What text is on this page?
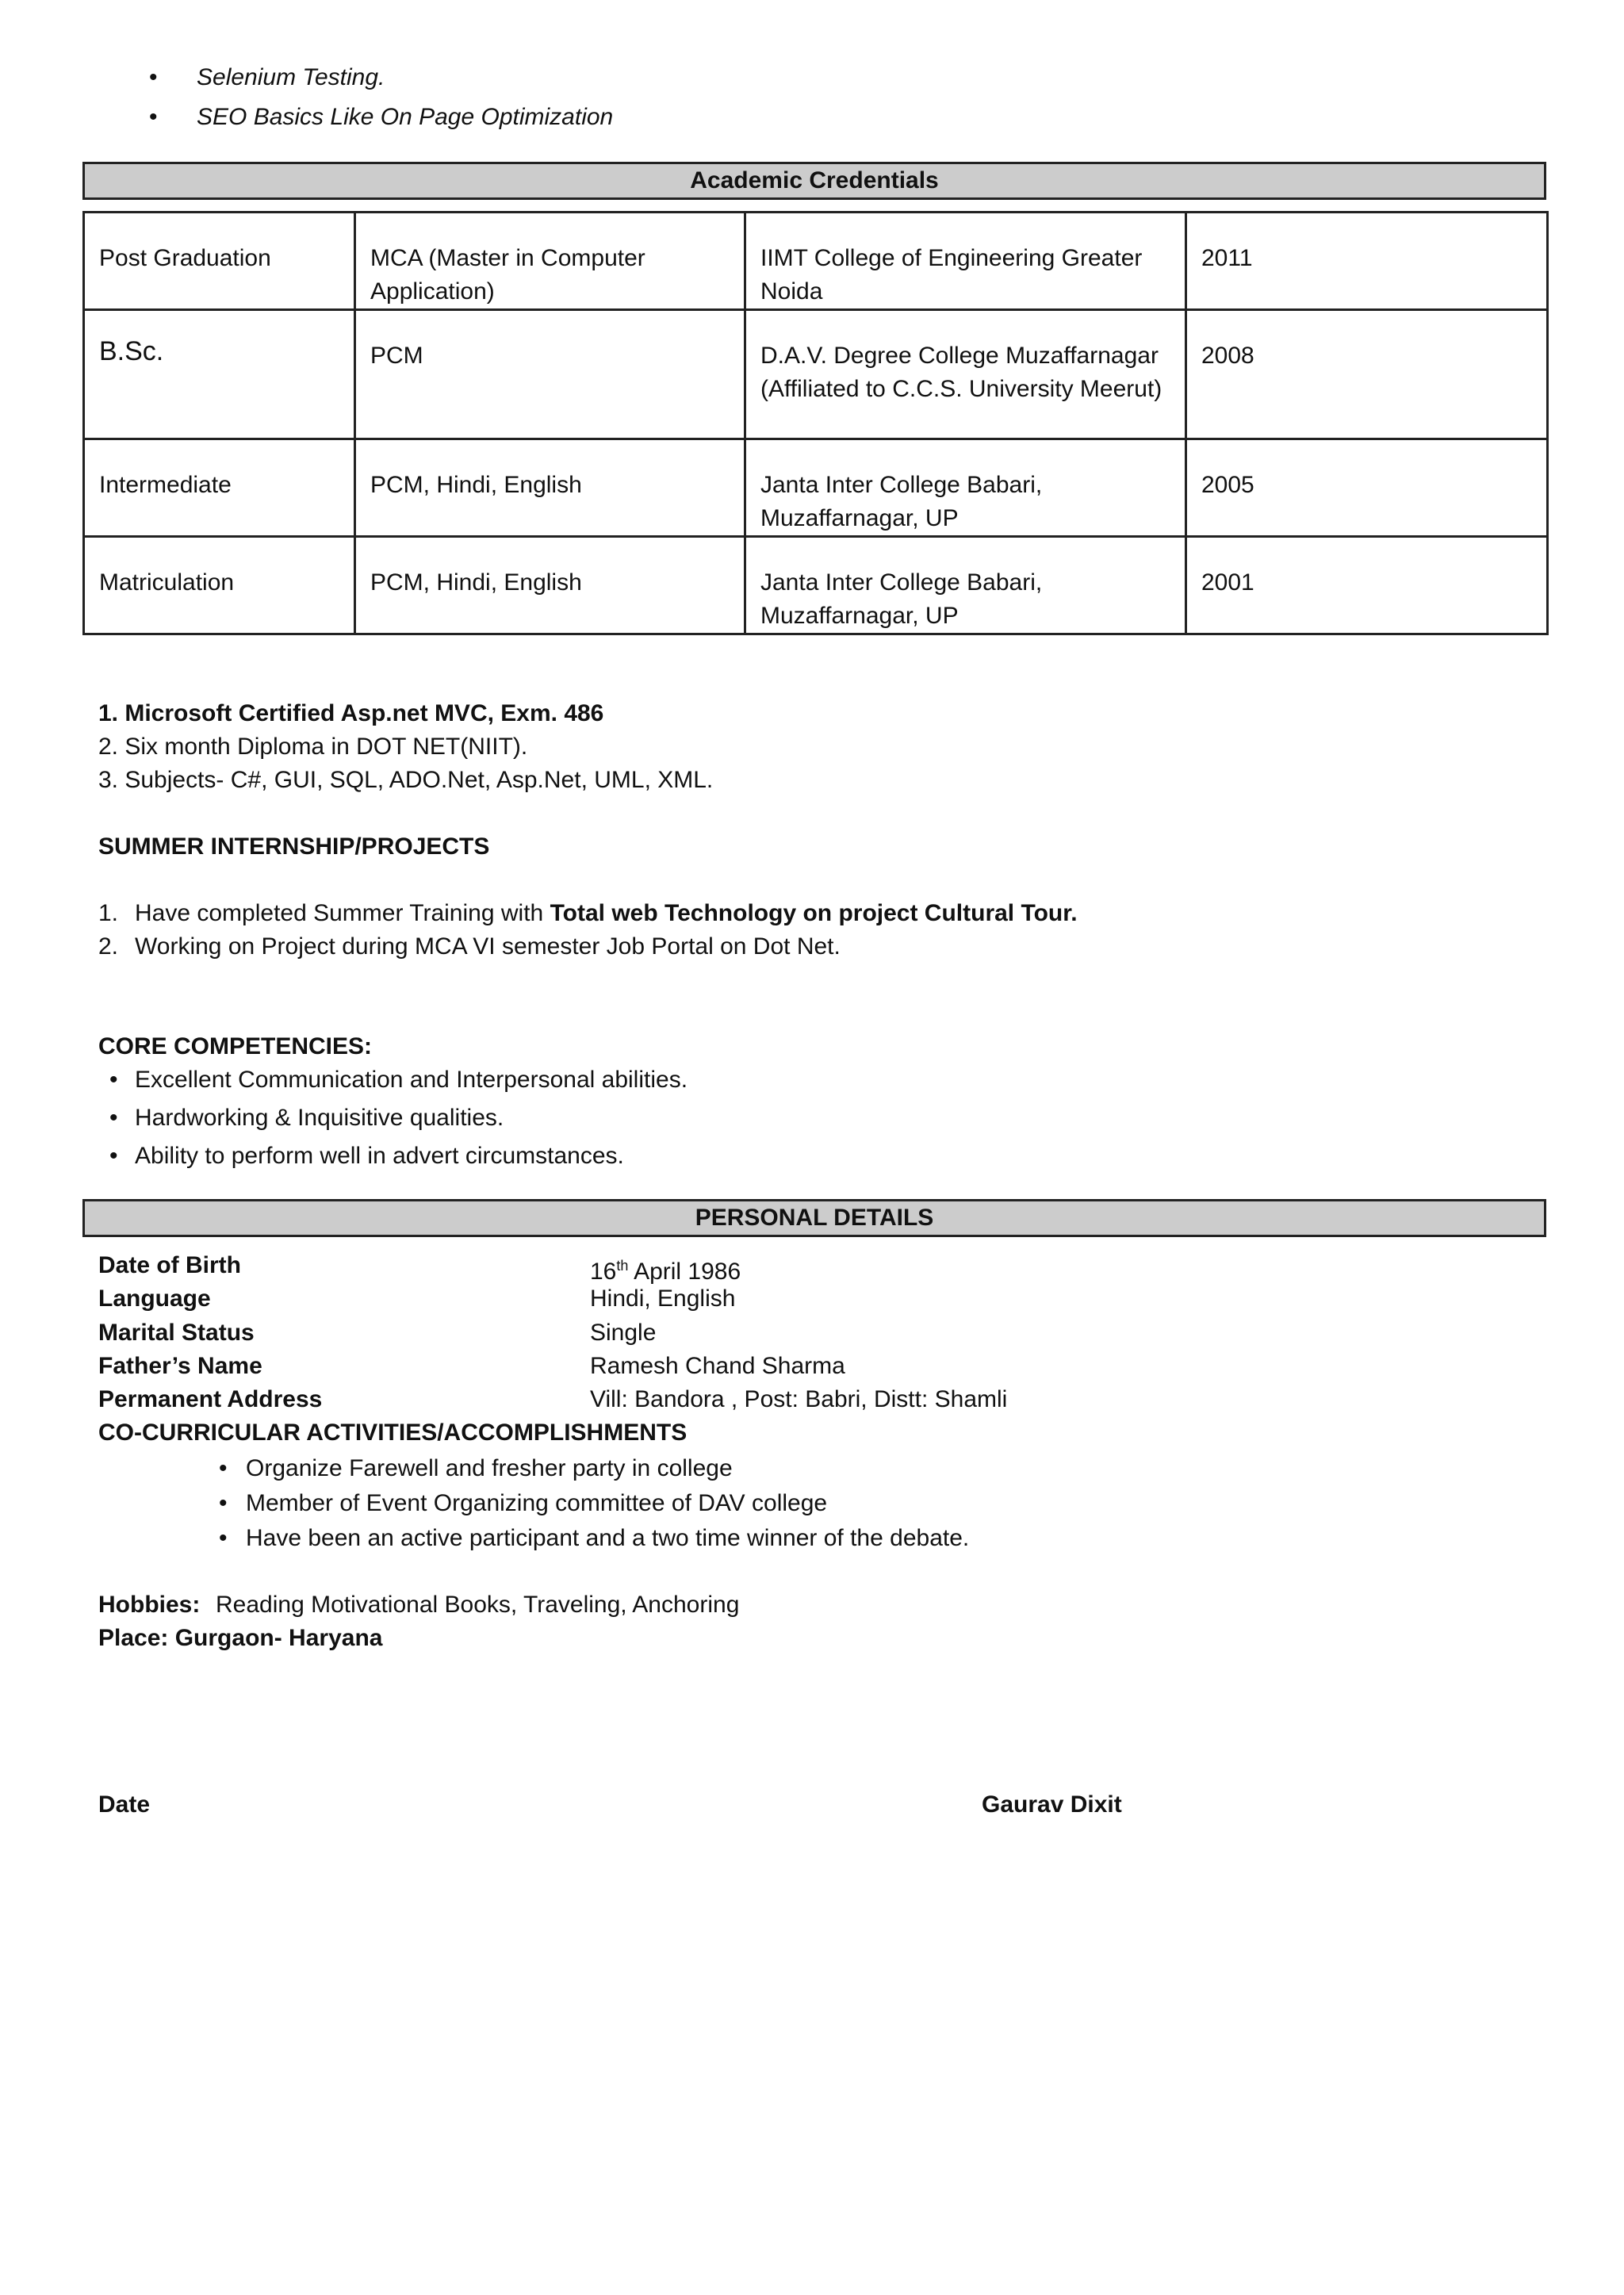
• Selenium Testing.
• SEO Basics Like On Page Optimization
Academic Credentials
Post Graduation	MCA (Master in Computer Application)	IIMT College of Engineering Greater Noida	2011

B.Sc.	PCM	D.A.V. Degree College Muzaffarnagar (Affiliated to C.C.S. University Meerut)	2008

Intermediate	PCM, Hindi, English	Janta Inter College Babari, Muzaffarnagar, UP	2005

Matriculation	PCM, Hindi, English	Janta Inter College Babari, Muzaffarnagar, UP	2001
1. Microsoft Certified Asp.net MVC, Exm. 486
2. Six month Diploma in DOT NET(NIIT).
3. Subjects- C#, GUI, SQL, ADO.Net, Asp.Net, UML, XML.
SUMMER INTERNSHIP/PROJECTS
1. Have completed Summer Training with Total web Technology on project Cultural Tour.
2. Working on Project during MCA VI semester Job Portal on Dot Net.
CORE COMPETENCIES:
• Excellent Communication and Interpersonal abilities.
• Hardworking & Inquisitive qualities.
• Ability to perform well in advert circumstances.
PERSONAL DETAILS
Date of Birth	16th April 1986
Language	Hindi, English
Marital Status	Single
Father’s Name	Ramesh Chand Sharma
Permanent Address	Vill: Bandora , Post: Babri, Distt: Shamli
CO-CURRICULAR ACTIVITIES/ACCOMPLISHMENTS
• Organize Farewell and fresher party in college
• Member of Event Organizing committee of DAV college
• Have been an active participant and a two time winner of the debate.
Hobbies: Reading Motivational Books, Traveling, Anchoring
Place: Gurgaon- Haryana
Date	Gaurav Dixit
